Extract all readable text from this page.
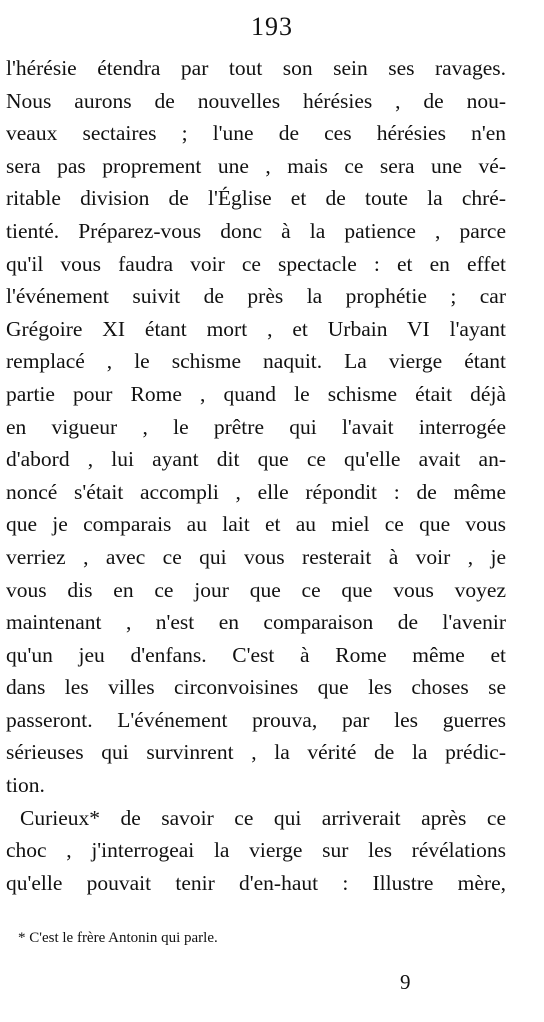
193
l'hérésie étendra par tout son sein ses ravages.
Nous aurons de nouvelles hérésies , de nou-
veaux sectaires ; l'une de ces hérésies n'en
sera pas proprement une , mais ce sera une vé-
ritable division de l'Église et de toute la chré-
tienté. Préparez-vous donc à la patience , parce
qu'il vous faudra voir ce spectacle : et en effet
l'événement suivit de près la prophétie ; car
Grégoire XI étant mort , et Urbain VI l'ayant
remplacé , le schisme naquit. La vierge étant
partie pour Rome , quand le schisme était déjà
en vigueur , le prêtre qui l'avait interrogée
d'abord , lui ayant dit que ce qu'elle avait an-
noncé s'était accompli , elle répondit : de même
que je comparais au lait et au miel ce que vous
verriez , avec ce qui vous resterait à voir , je
vous dis en ce jour que ce que vous voyez
maintenant , n'est en comparaison de l'avenir
qu'un jeu d'enfans. C'est à Rome même et
dans les villes circonvoisines que les choses se
passeront. L'événement prouva, par les guerres
sérieuses qui survinrent , la vérité de la prédic-
tion.
Curieux* de savoir ce qui arriverait après ce
choc , j'interrogeai la vierge sur les révélations
qu'elle pouvait tenir d'en-haut : Illustre mère,
* C'est le frère Antonin qui parle.
9
